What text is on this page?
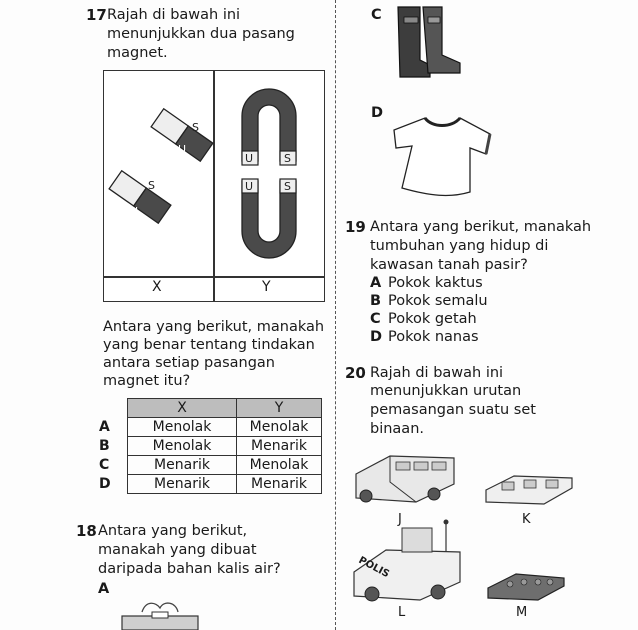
17 Rajah di bawah ini
menunjukkan dua pasang
magnet.
X	Y
S
U
S
U
U	S
U	S
Antara yang berikut, manakah
yang benar tentang tindakan
antara setiap pasangan
magnet itu?
	X	Y
A	Menolak	Menolak
B	Menolak	Menarik
C	Menarik	Menolak
D	Menarik	Menarik
18 Antara yang berikut,
manakah yang dibuat
daripada bahan kalis air?
A
C
D
19 Antara yang berikut, manakah
tumbuhan yang hidup di
kawasan tanah pasir?
A Pokok kaktus
B Pokok semalu
C Pokok getah
D Pokok nanas
20 Rajah di bawah ini
menunjukkan urutan
pemasangan suatu set
binaan.
J	K
POLIS
L	M
